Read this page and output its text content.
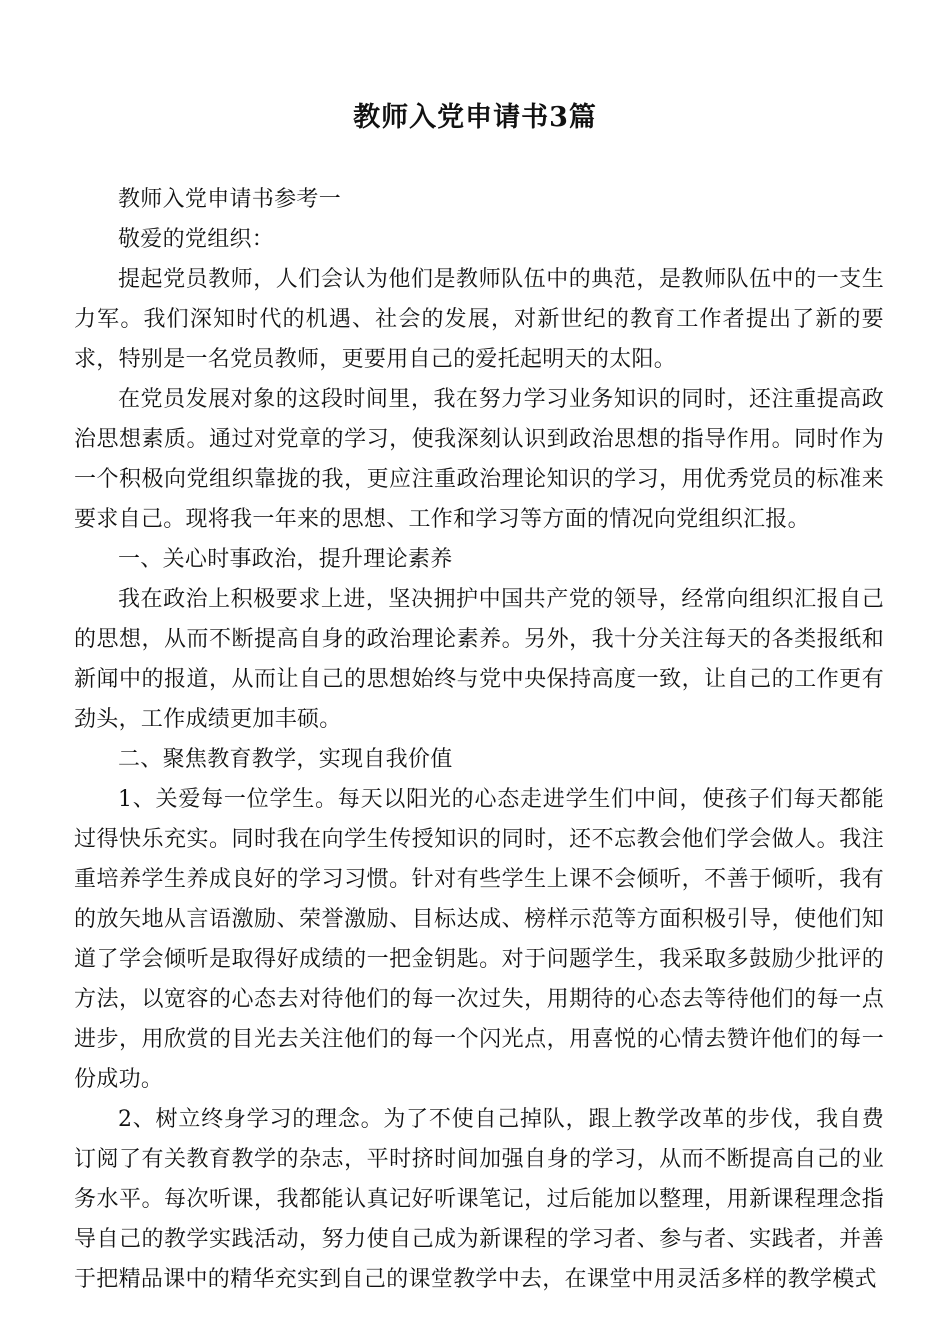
教师入党申请书3篇

教师入党申请书参考一

敬爱的党组织：

提起党员教师，人们会认为他们是教师队伍中的典范，是教师队伍中的一支生力军。我们深知时代的机遇、社会的发展，对新世纪的教育工作者提出了新的要求，特别是一名党员教师，更要用自己的爱托起明天的太阳。

在党员发展对象的这段时间里，我在努力学习业务知识的同时，还注重提高政治思想素质。通过对党章的学习，使我深刻认识到政治思想的指导作用。同时作为一个积极向党组织靠拢的我，更应注重政治理论知识的学习，用优秀党员的标准来要求自己。现将我一年来的思想、工作和学习等方面的情况向党组织汇报。

一、关心时事政治，提升理论素养

我在政治上积极要求上进，坚决拥护中国共产党的领导，经常向组织汇报自己的思想，从而不断提高自身的政治理论素养。另外，我十分关注每天的各类报纸和新闻中的报道，从而让自己的思想始终与党中央保持高度一致，让自己的工作更有劲头，工作成绩更加丰硕。

二、聚焦教育教学，实现自我价值

1、关爱每一位学生。每天以阳光的心态走进学生们中间，使孩子们每天都能过得快乐充实。同时我在向学生传授知识的同时，还不忘教会他们学会做人。我注重培养学生养成良好的学习习惯。针对有些学生上课不会倾听，不善于倾听，我有的放矢地从言语激励、荣誉激励、目标达成、榜样示范等方面积极引导，使他们知道了学会倾听是取得好成绩的一把金钥匙。对于问题学生，我采取多鼓励少批评的方法，以宽容的心态去对待他们的每一次过失，用期待的心态去等待他们的每一点进步，用欣赏的目光去关注他们的每一个闪光点，用喜悦的心情去赞许他们的每一份成功。

2、树立终身学习的理念。为了不使自己掉队，跟上教学改革的步伐，我自费订阅了有关教育教学的杂志，平时挤时间加强自身的学习，从而不断提高自己的业务水平。每次听课，我都能认真记好听课笔记，过后能加以整理，用新课程理念指导自己的教学实践活动，努力使自己成为新课程的学习者、参与者、实践者，并善于把精品课中的精华充实到自己的课堂教学中去，在课堂中用灵活多样的教学模式
